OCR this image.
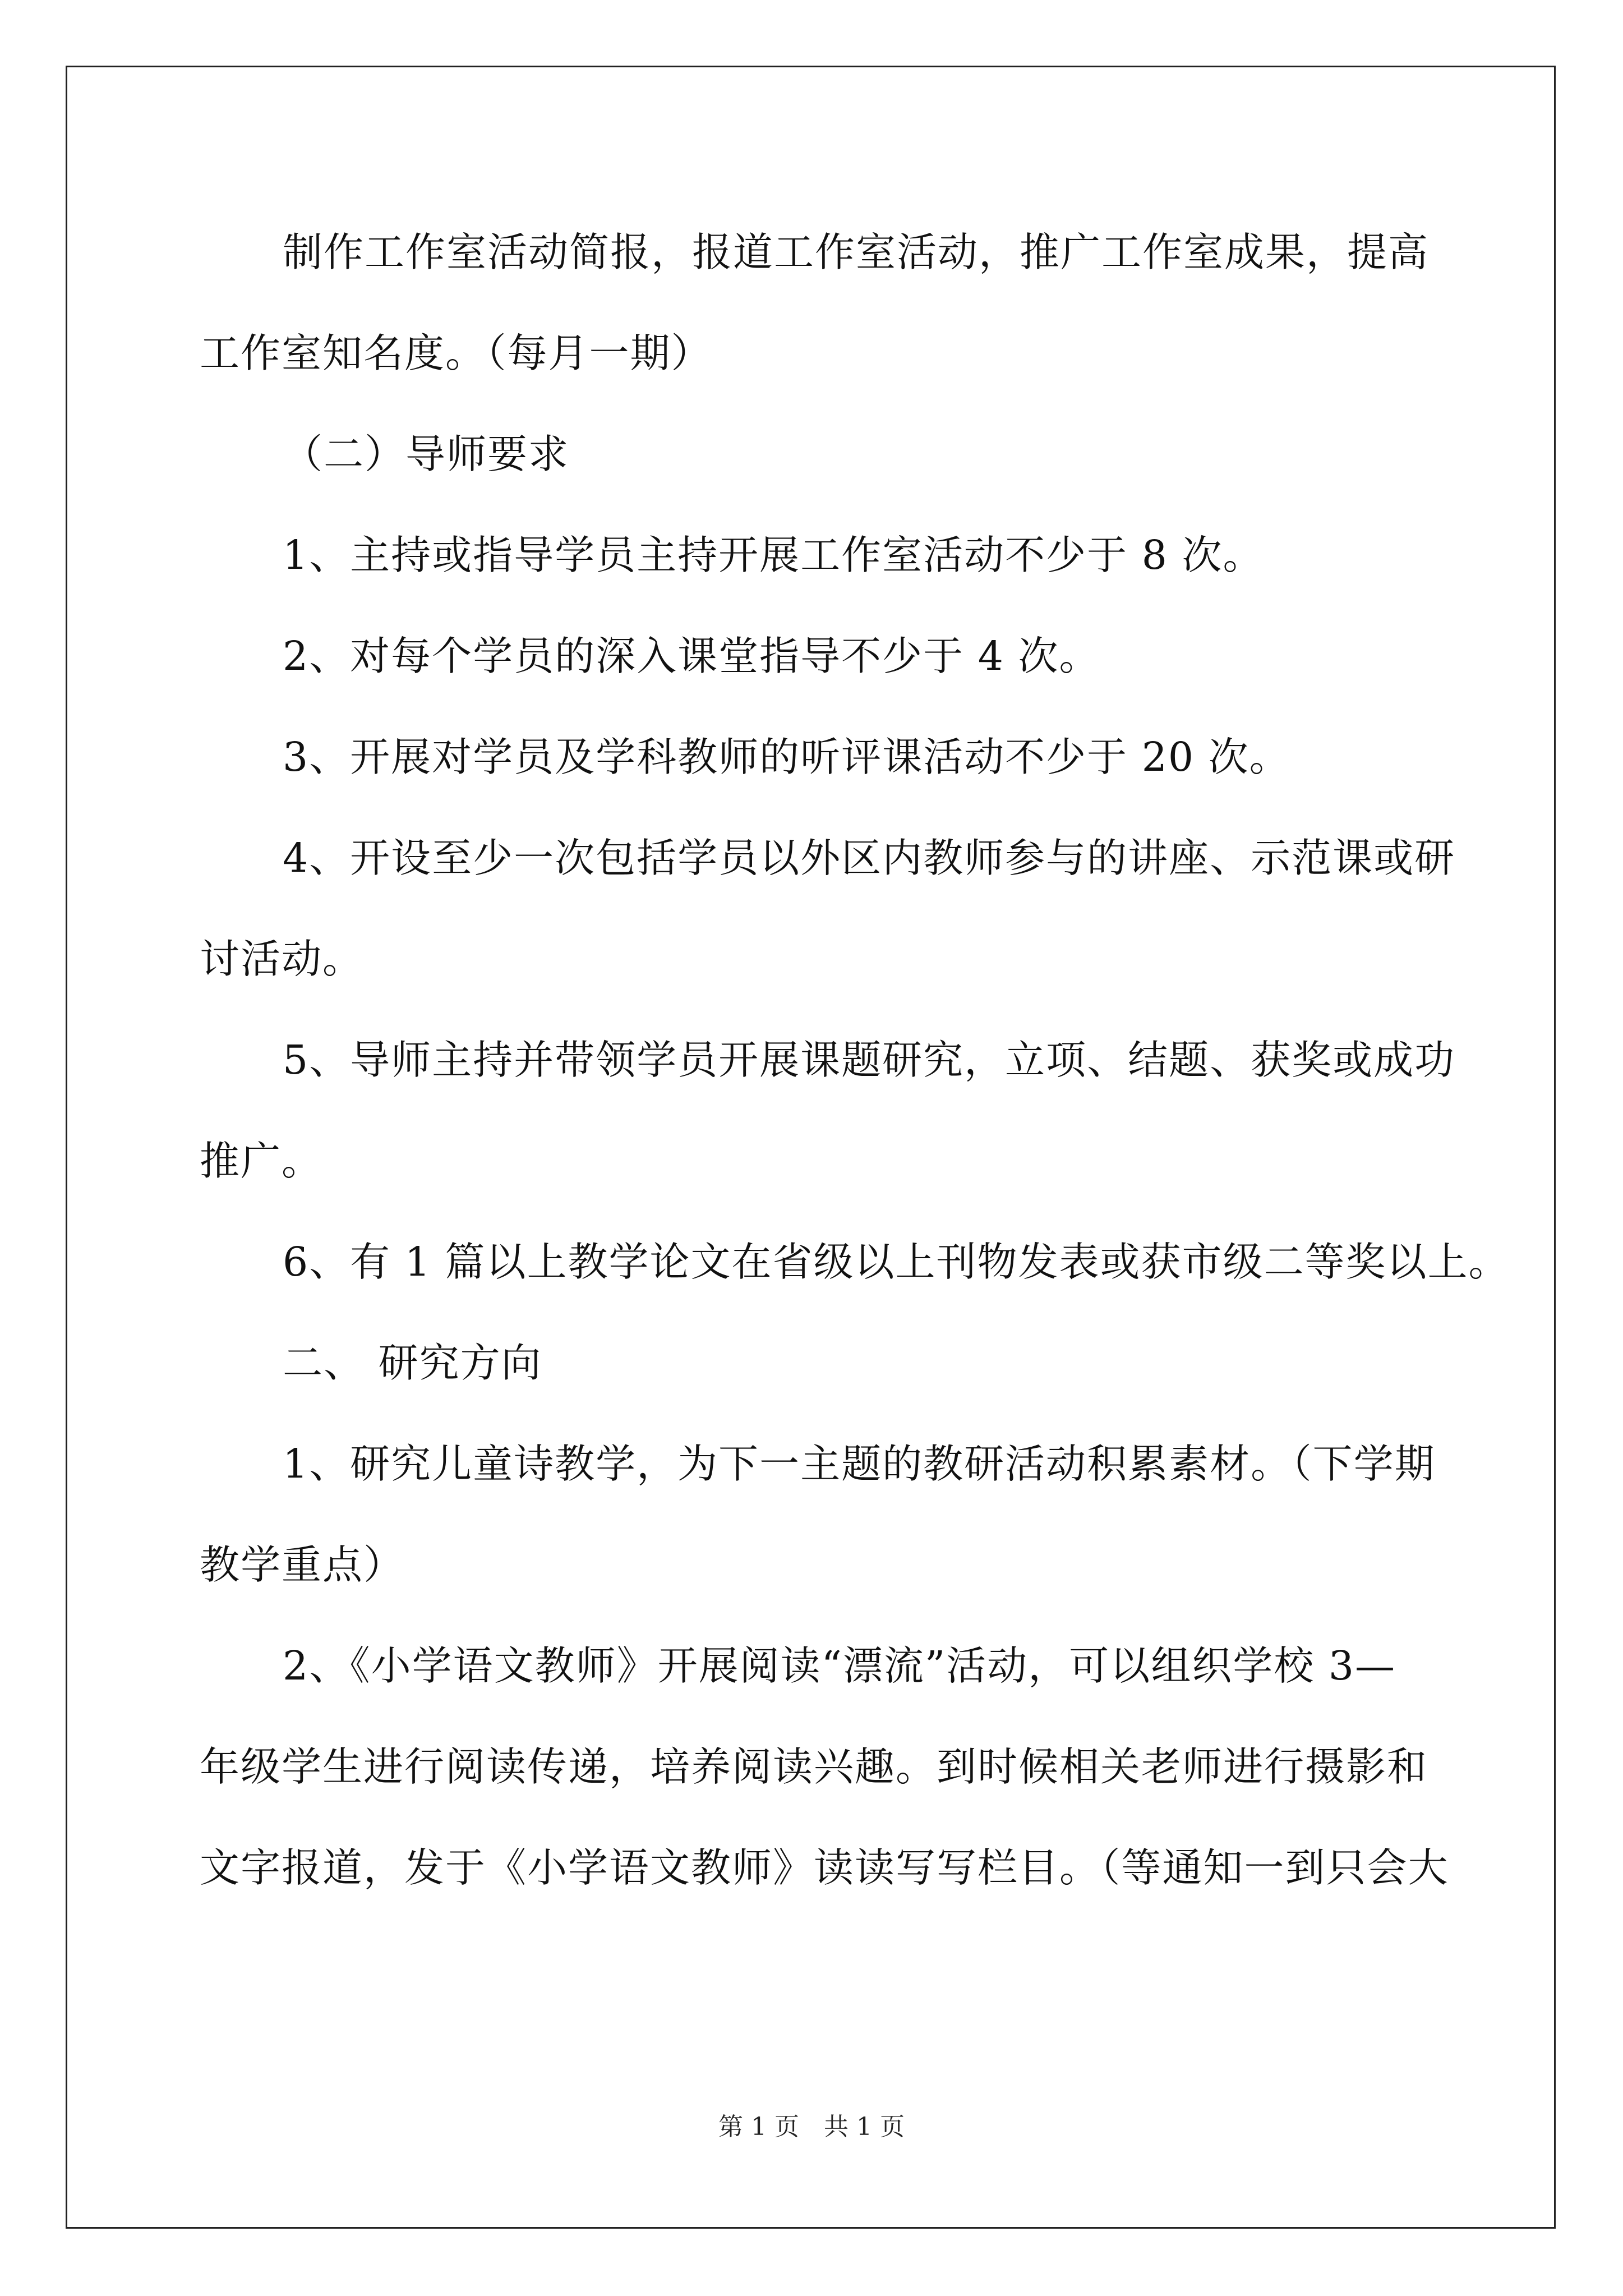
制作工作室活动简报，报道工作室活动，推广工作室成果，提高
工作室知名度。（每月一期）
（二）导师要求
1、主持或指导学员主持开展工作室活动不少于 8 次。
2、对每个学员的深入课堂指导不少于 4 次。
3、开展对学员及学科教师的听评课活动不少于 20 次。
4、开设至少一次包括学员以外区内教师参与的讲座、示范课或研
讨活动。
5、导师主持并带领学员开展课题研究，立项、结题、获奖或成功
推广。
6、有 1 篇以上教学论文在省级以上刊物发表或获市级二等奖以上。
二、 研究方向
1、研究儿童诗教学，为下一主题的教研活动积累素材。（下学期
教学重点）
2、《小学语文教师》开展阅读“漂流”活动，可以组织学校 3—
年级学生进行阅读传递，培养阅读兴趣。到时候相关老师进行摄影和
文字报道，发于《小学语文教师》读读写写栏目。（等通知一到只会大
第 1 页　共 1 页
